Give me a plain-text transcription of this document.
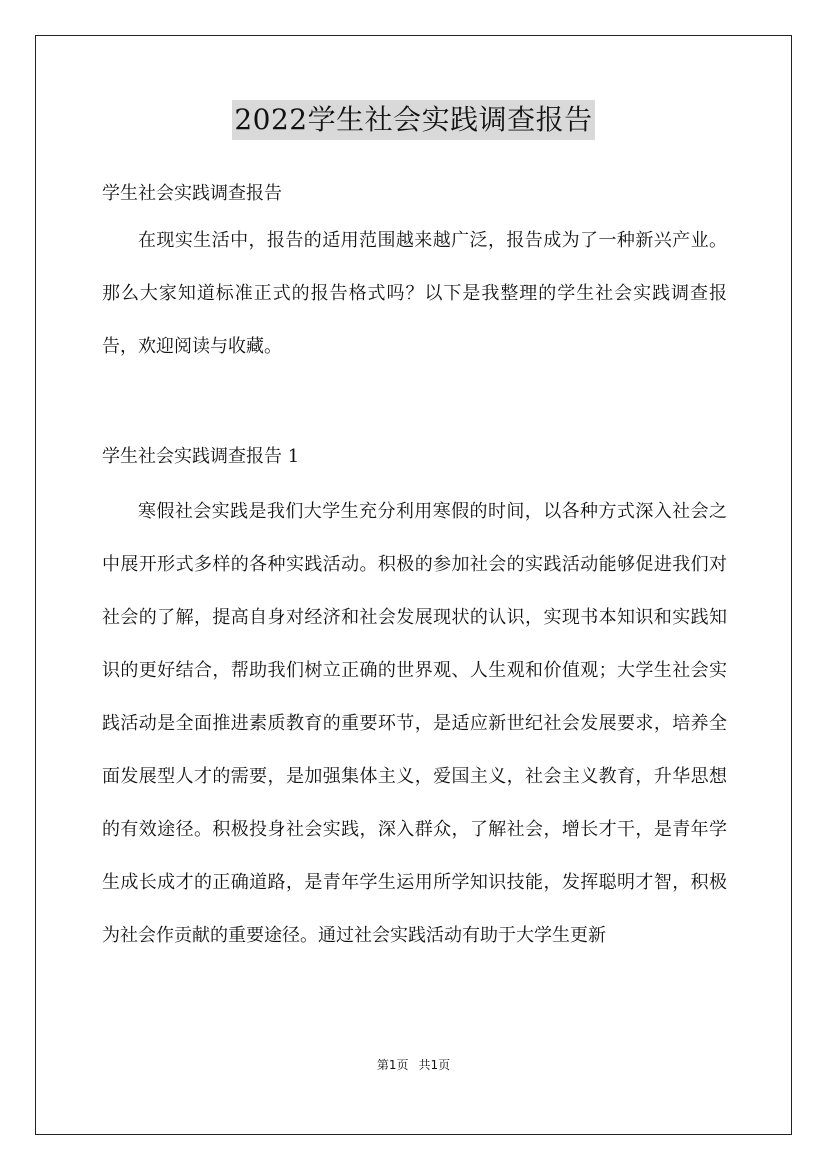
2022学生社会实践调查报告

学生社会实践调查报告

在现实生活中，报告的适用范围越来越广泛，报告成为了一种新兴产业。那么大家知道标准正式的报告格式吗？以下是我整理的学生社会实践调查报告，欢迎阅读与收藏。

学生社会实践调查报告 1

寒假社会实践是我们大学生充分利用寒假的时间，以各种方式深入社会之中展开形式多样的各种实践活动。积极的参加社会的实践活动能够促进我们对社会的了解，提高自身对经济和社会发展现状的认识，实现书本知识和实践知识的更好结合，帮助我们树立正确的世界观、人生观和价值观；大学生社会实践活动是全面推进素质教育的重要环节，是适应新世纪社会发展要求，培养全面发展型人才的需要，是加强集体主义，爱国主义，社会主义教育，升华思想的有效途径。积极投身社会实践，深入群众，了解社会，增长才干，是青年学生成长成才的正确道路，是青年学生运用所学知识技能，发挥聪明才智，积极为社会作贡献的重要途径。通过社会实践活动有助于大学生更新

第1页 共1页
